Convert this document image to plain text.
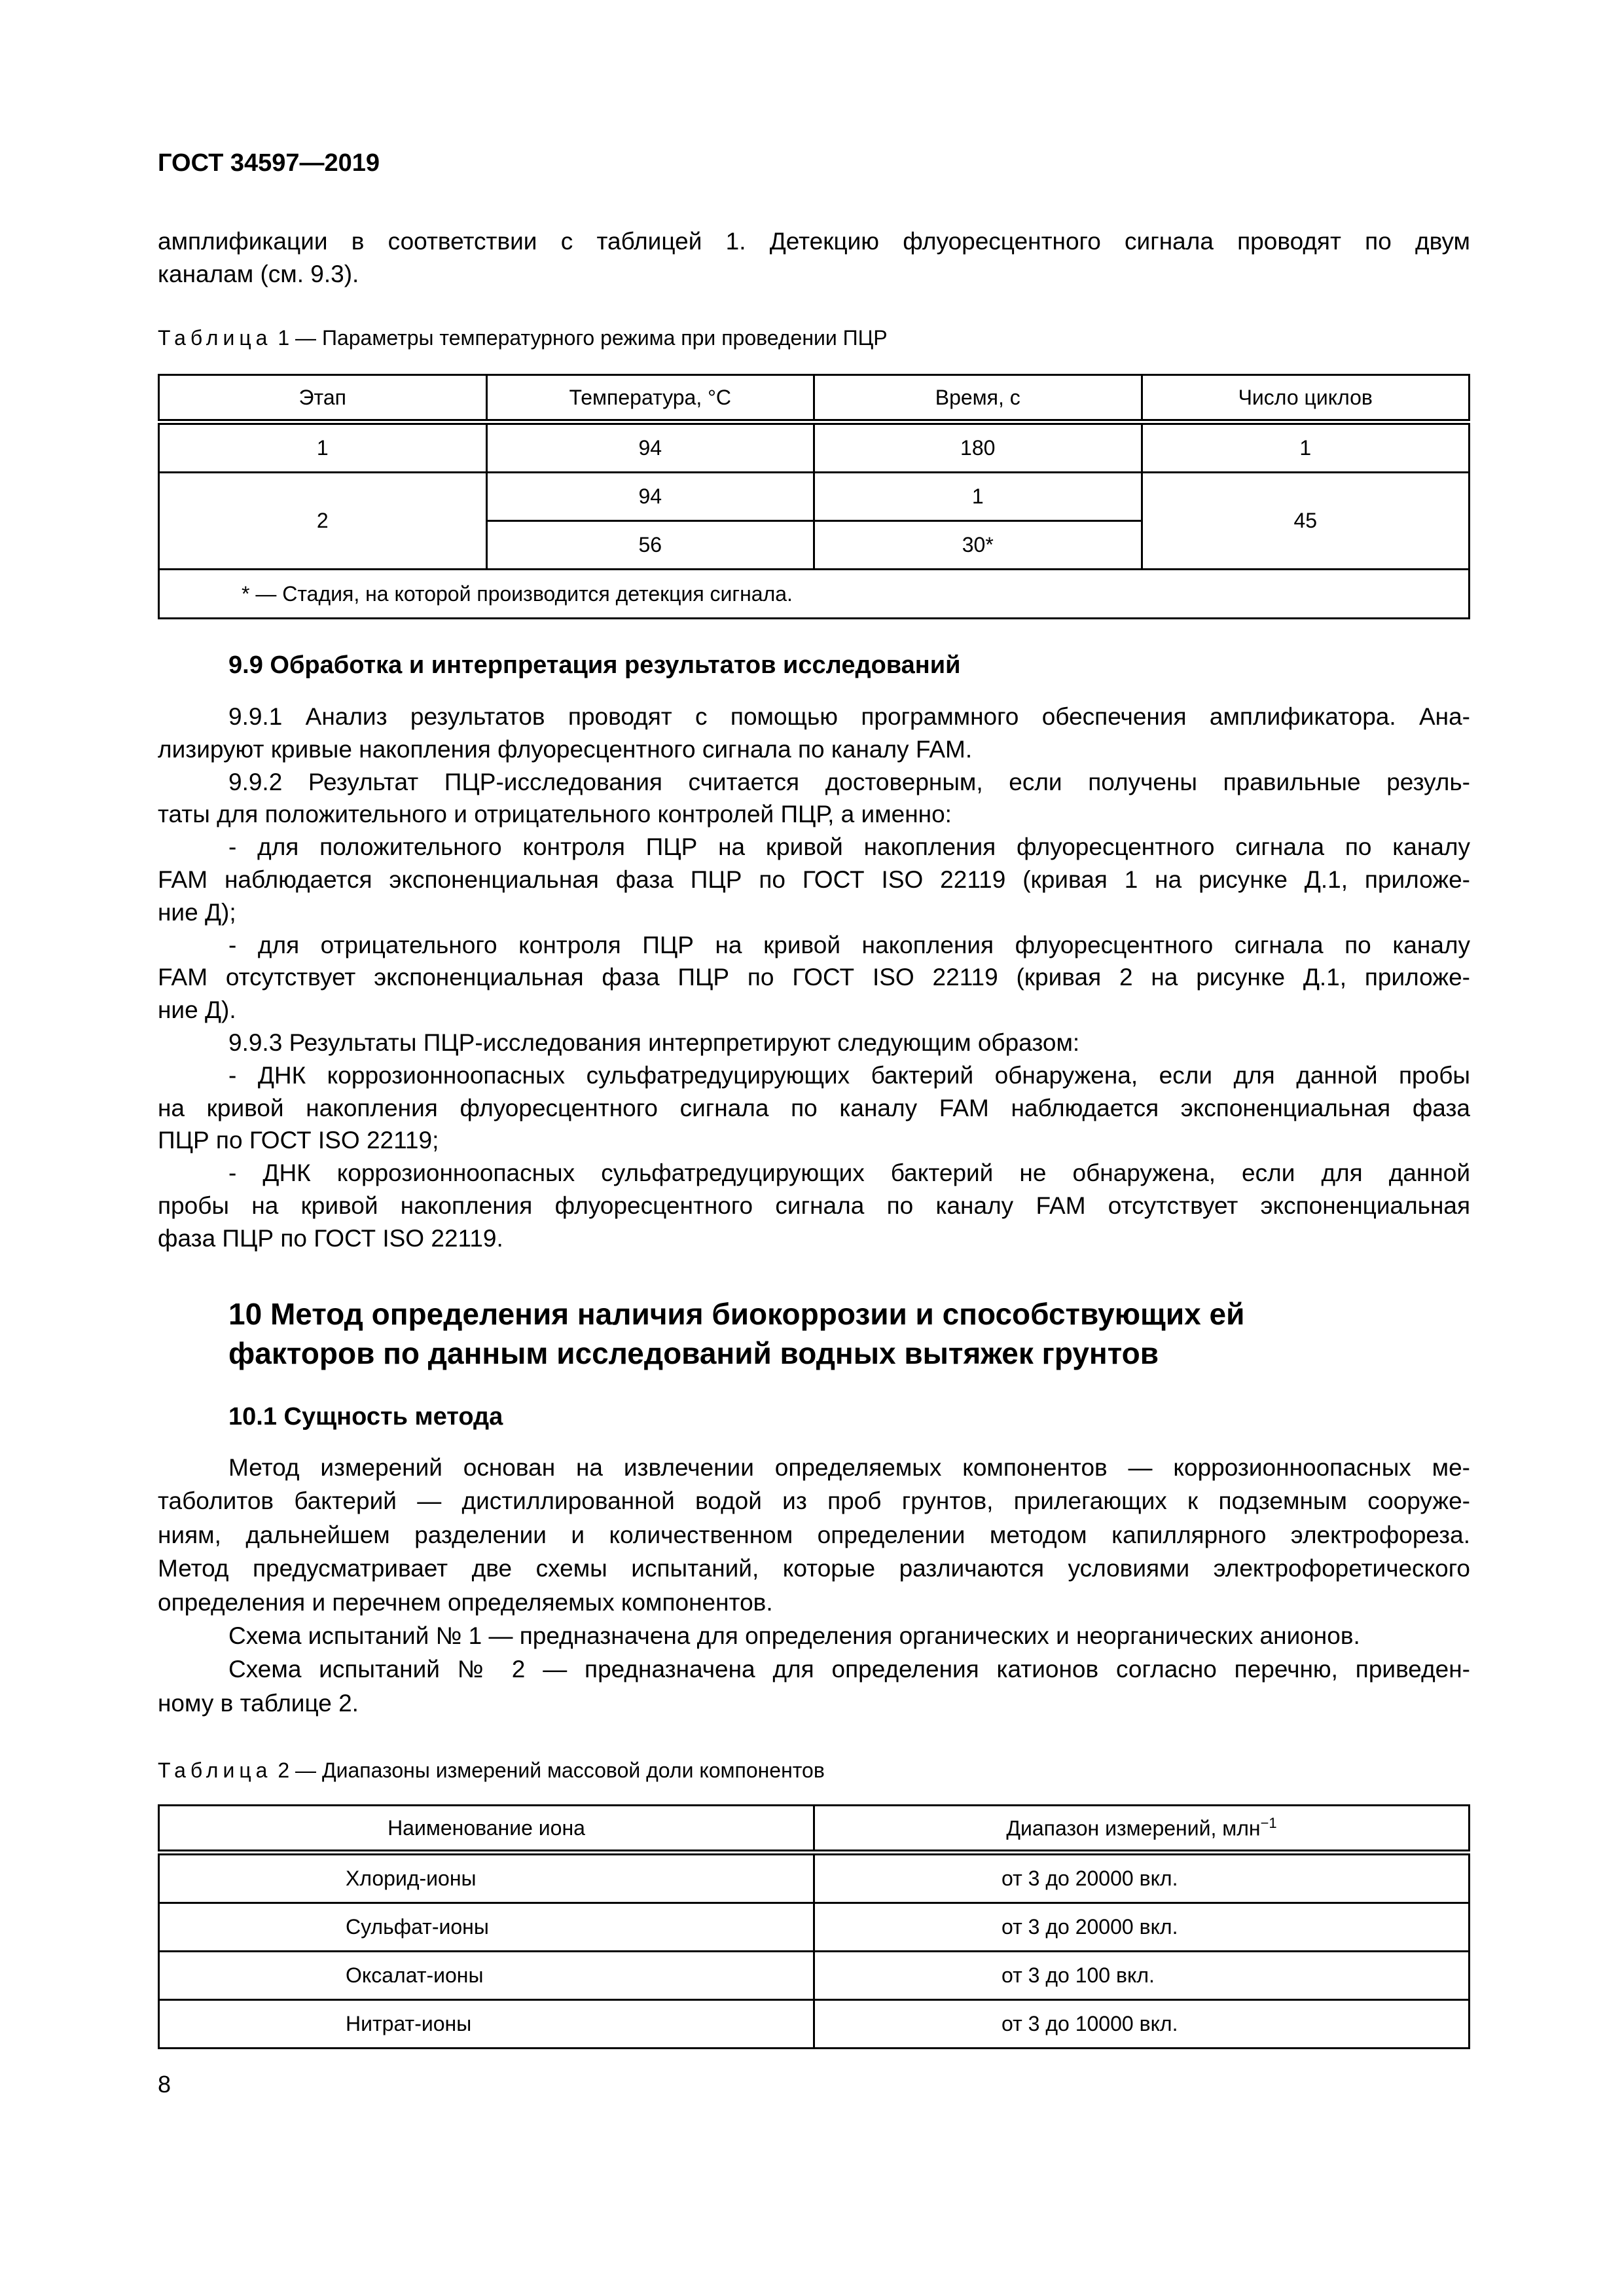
ГОСТ 34597—2019
амплификации в соответствии с таблицей 1. Детекцию флуоресцентного сигнала проводят по двум
каналам (см. 9.3).
Таблица 1 — Параметры температурного режима при проведении ПЦР
Этап	Температура, °С	Время, с	Число циклов
1	94	180	1
2	94	1	45
	56	30*	
* — Стадия, на которой производится детекция сигнала.			
9.9 Обработка и интерпретация результатов исследований
9.9.1 Анализ результатов проводят с помощью программного обеспечения амплификатора. Ана-
лизируют кривые накопления флуоресцентного сигнала по каналу FAM.
9.9.2 Результат ПЦР-исследования считается достоверным, если получены правильные резуль-
таты для положительного и отрицательного контролей ПЦР, а именно:
- для положительного контроля ПЦР на кривой накопления флуоресцентного сигнала по каналу
FAM наблюдается экспоненциальная фаза ПЦР по ГОСТ ISO 22119 (кривая 1 на рисунке Д.1, приложе-
ние Д);
- для отрицательного контроля ПЦР на кривой накопления флуоресцентного сигнала по каналу
FAM отсутствует экспоненциальная фаза ПЦР по ГОСТ ISO 22119 (кривая 2 на рисунке Д.1, приложе-
ние Д).
9.9.3 Результаты ПЦР-исследования интерпретируют следующим образом:
- ДНК коррозионноопасных сульфатредуцирующих бактерий обнаружена, если для данной пробы
на кривой накопления флуоресцентного сигнала по каналу FAM наблюдается экспоненциальная фаза
ПЦР по ГОСТ ISO 22119;
- ДНК коррозионноопасных сульфатредуцирующих бактерий не обнаружена, если для данной
пробы на кривой накопления флуоресцентного сигнала по каналу FAM отсутствует экспоненциальная
фаза ПЦР по ГОСТ ISO 22119.
10 Метод определения наличия биокоррозии и способствующих ей
факторов по данным исследований водных вытяжек грунтов
10.1 Сущность метода
Метод измерений основан на извлечении определяемых компонентов — коррозионноопасных ме-
таболитов бактерий — дистиллированной водой из проб грунтов, прилегающих к подземным сооруже-
ниям, дальнейшем разделении и количественном определении методом капиллярного электрофореза.
Метод предусматривает две схемы испытаний, которые различаются условиями электрофоретического
определения и перечнем определяемых компонентов.
Схема испытаний № 1 — предназначена для определения органических и неорганических анионов.
Схема испытаний № 2 — предназначена для определения катионов согласно перечню, приведен-
ному в таблице 2.
Таблица 2 — Диапазоны измерений массовой доли компонентов
Наименование иона	Диапазон измерений, млн$^{-1}$
Хлорид-ионы	от 3 до 20000 вкл.
Сульфат-ионы	от 3 до 20000 вкл.
Оксалат-ионы	от 3 до 100 вкл.
Нитрат-ионы	от 3 до 10000 вкл.
8
